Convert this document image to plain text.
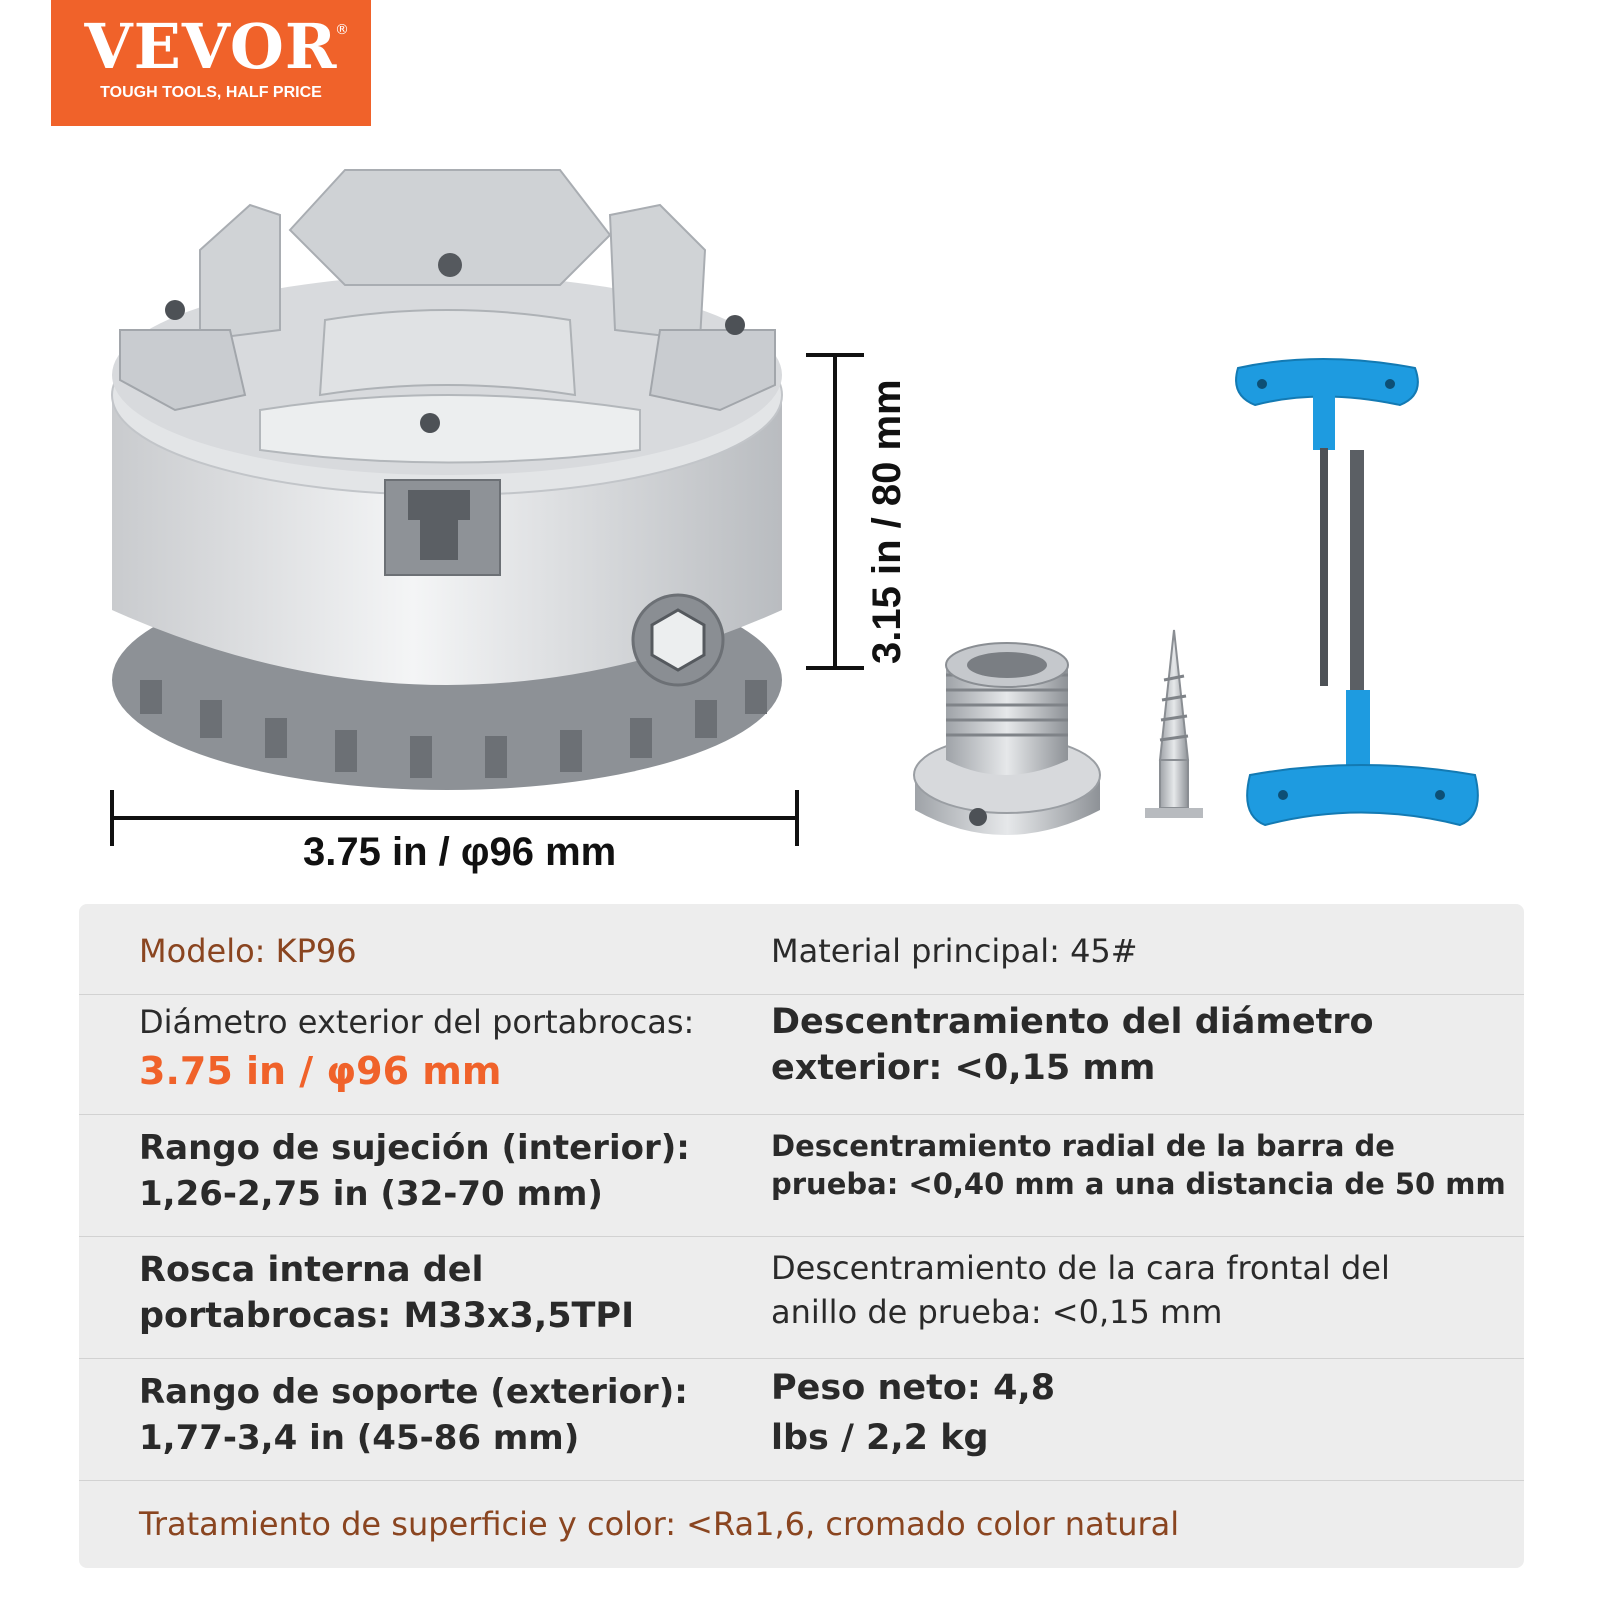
VEVOR
®
TOUGH TOOLS, HALF PRICE
3.75 in / φ96 mm
3.15 in / 80 mm
Modelo: KP96	Material principal: 45#
Diámetro exterior del portabrocas:
3.75 in / φ96 mm
Descentramiento del diámetro
exterior: <0,15 mm
Rango de sujeción (interior):
1,26-2,75 in (32-70 mm)
Descentramiento radial de la barra de
prueba: <0,40 mm a una distancia de 50 mm
Rosca interna del
portabrocas: M33x3,5TPI
Descentramiento de la cara frontal del
anillo de prueba: <0,15 mm
Rango de soporte (exterior):
1,77-3,4 in (45-86 mm)
Peso neto: 4,8
lbs / 2,2 kg
Tratamiento de superficie y color: <Ra1,6, cromado color natural
